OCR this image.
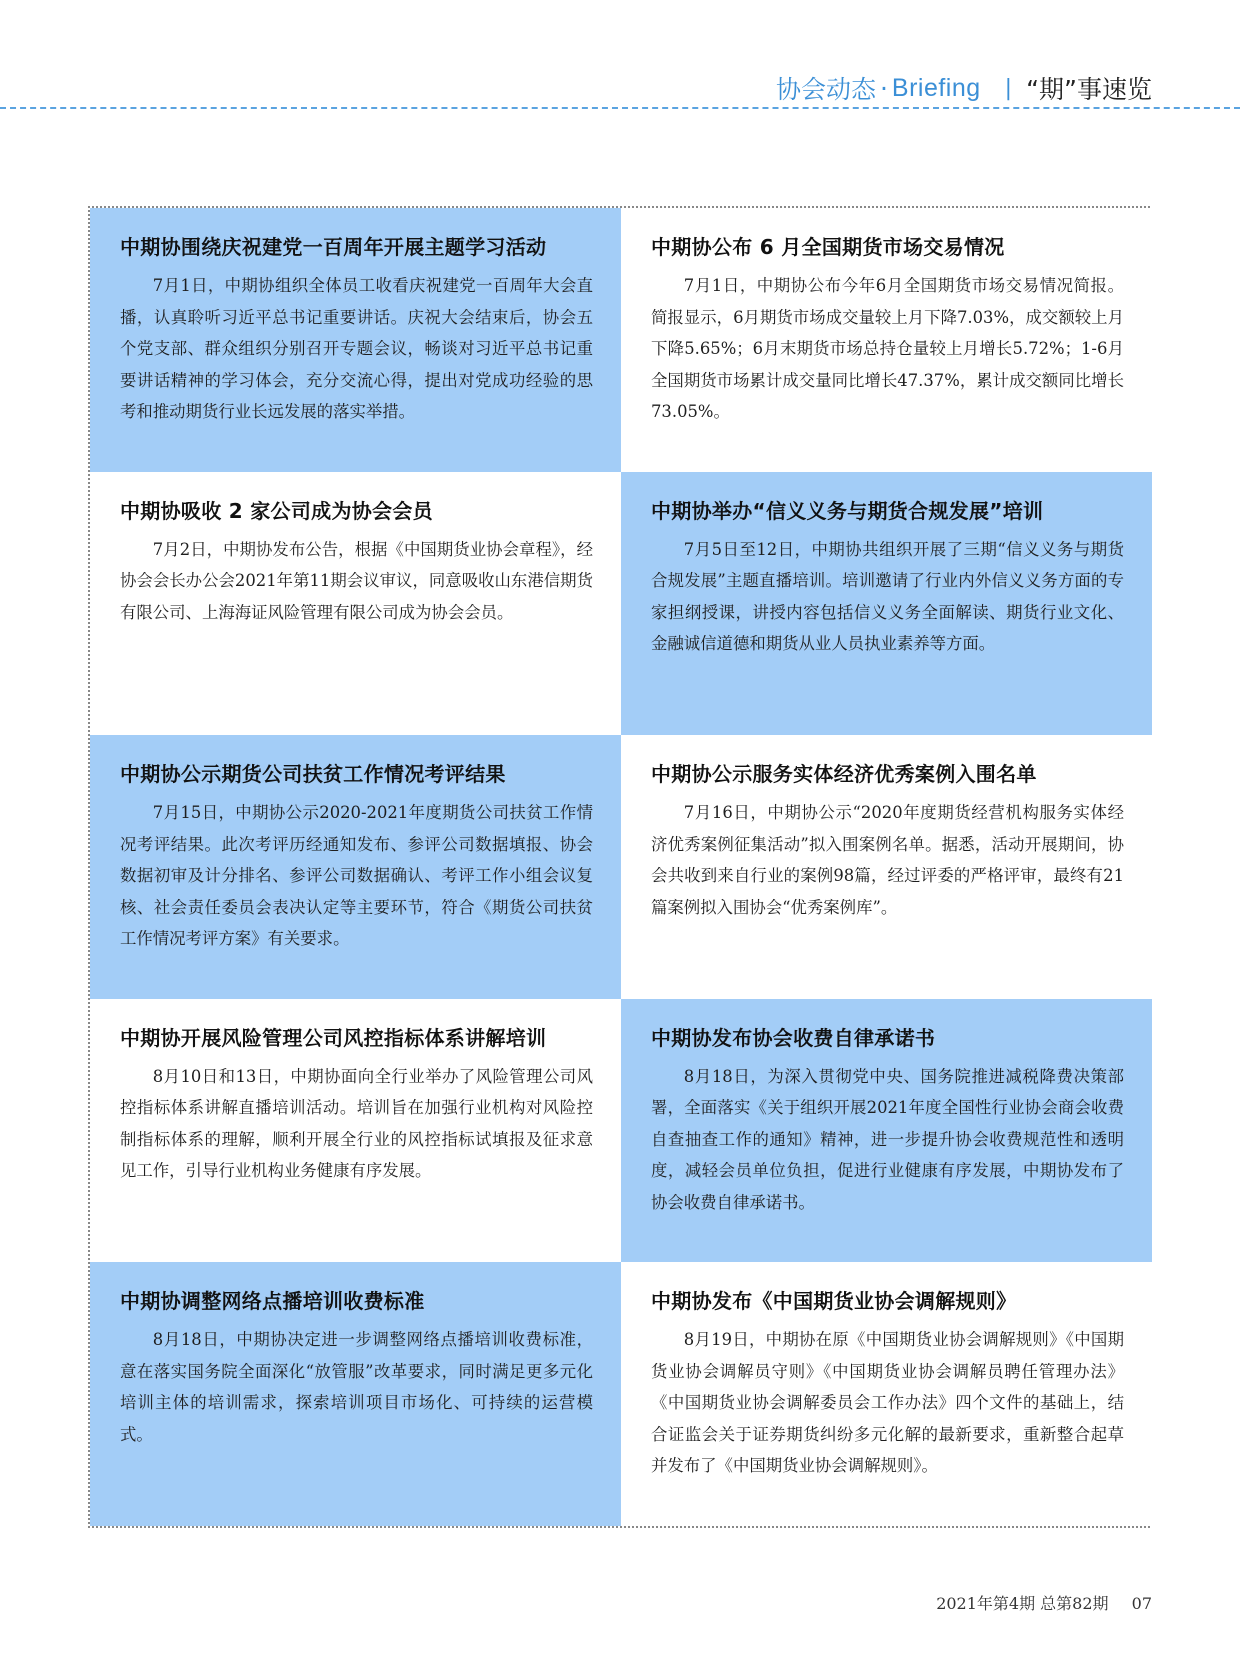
协会动态 · Briefing | “期”事速览
中期协围绕庆祝建党一百周年开展主题学习活动

7月1日，中期协组织全体员工收看庆祝建党一百周年大会直播，认真聆听习近平总书记重要讲话。庆祝大会结束后，协会五个党支部、群众组织分别召开专题会议，畅谈对习近平总书记重要讲话精神的学习体会，充分交流心得，提出对党成功经验的思考和推动期货行业长远发展的落实举措。

中期协公布 6 月全国期货市场交易情况

7月1日，中期协公布今年6月全国期货市场交易情况简报。简报显示，6月期货市场成交量较上月下降7.03%，成交额较上月下降5.65%；6月末期货市场总持仓量较上月增长5.72%；1-6月全国期货市场累计成交量同比增长47.37%，累计成交额同比增长73.05%。

中期协吸收 2 家公司成为协会会员

7月2日，中期协发布公告，根据《中国期货业协会章程》，经协会会长办公会2021年第11期会议审议，同意吸收山东港信期货有限公司、上海海证风险管理有限公司成为协会会员。

中期协举办“信义义务与期货合规发展”培训

7月5日至12日，中期协共组织开展了三期“信义义务与期货合规发展”主题直播培训。培训邀请了行业内外信义义务方面的专家担纲授课，讲授内容包括信义义务全面解读、期货行业文化、金融诚信道德和期货从业人员执业素养等方面。

中期协公示期货公司扶贫工作情况考评结果

7月15日，中期协公示2020-2021年度期货公司扶贫工作情况考评结果。此次考评历经通知发布、参评公司数据填报、协会数据初审及计分排名、参评公司数据确认、考评工作小组会议复核、社会责任委员会表决认定等主要环节，符合《期货公司扶贫工作情况考评方案》有关要求。

中期协公示服务实体经济优秀案例入围名单

7月16日，中期协公示“2020年度期货经营机构服务实体经济优秀案例征集活动”拟入围案例名单。据悉，活动开展期间，协会共收到来自行业的案例98篇，经过评委的严格评审，最终有21篇案例拟入围协会“优秀案例库”。

中期协开展风险管理公司风控指标体系讲解培训

8月10日和13日，中期协面向全行业举办了风险管理公司风控指标体系讲解直播培训活动。培训旨在加强行业机构对风险控制指标体系的理解，顺利开展全行业的风控指标试填报及征求意见工作，引导行业机构业务健康有序发展。

中期协发布协会收费自律承诺书

8月18日，为深入贯彻党中央、国务院推进减税降费决策部署，全面落实《关于组织开展2021年度全国性行业协会商会收费自查抽查工作的通知》精神，进一步提升协会收费规范性和透明度，减轻会员单位负担，促进行业健康有序发展，中期协发布了协会收费自律承诺书。

中期协调整网络点播培训收费标准

8月18日，中期协决定进一步调整网络点播培训收费标准，意在落实国务院全面深化“放管服”改革要求，同时满足更多元化培训主体的培训需求，探索培训项目市场化、可持续的运营模式。

中期协发布《中国期货业协会调解规则》

8月19日，中期协在原《中国期货业协会调解规则》《中国期货业协会调解员守则》《中国期货业协会调解员聘任管理办法》《中国期货业协会调解委员会工作办法》四个文件的基础上，结合证监会关于证券期货纠纷多元化解的最新要求，重新整合起草并发布了《中国期货业协会调解规则》。

2021年第4期 总第82期 07
